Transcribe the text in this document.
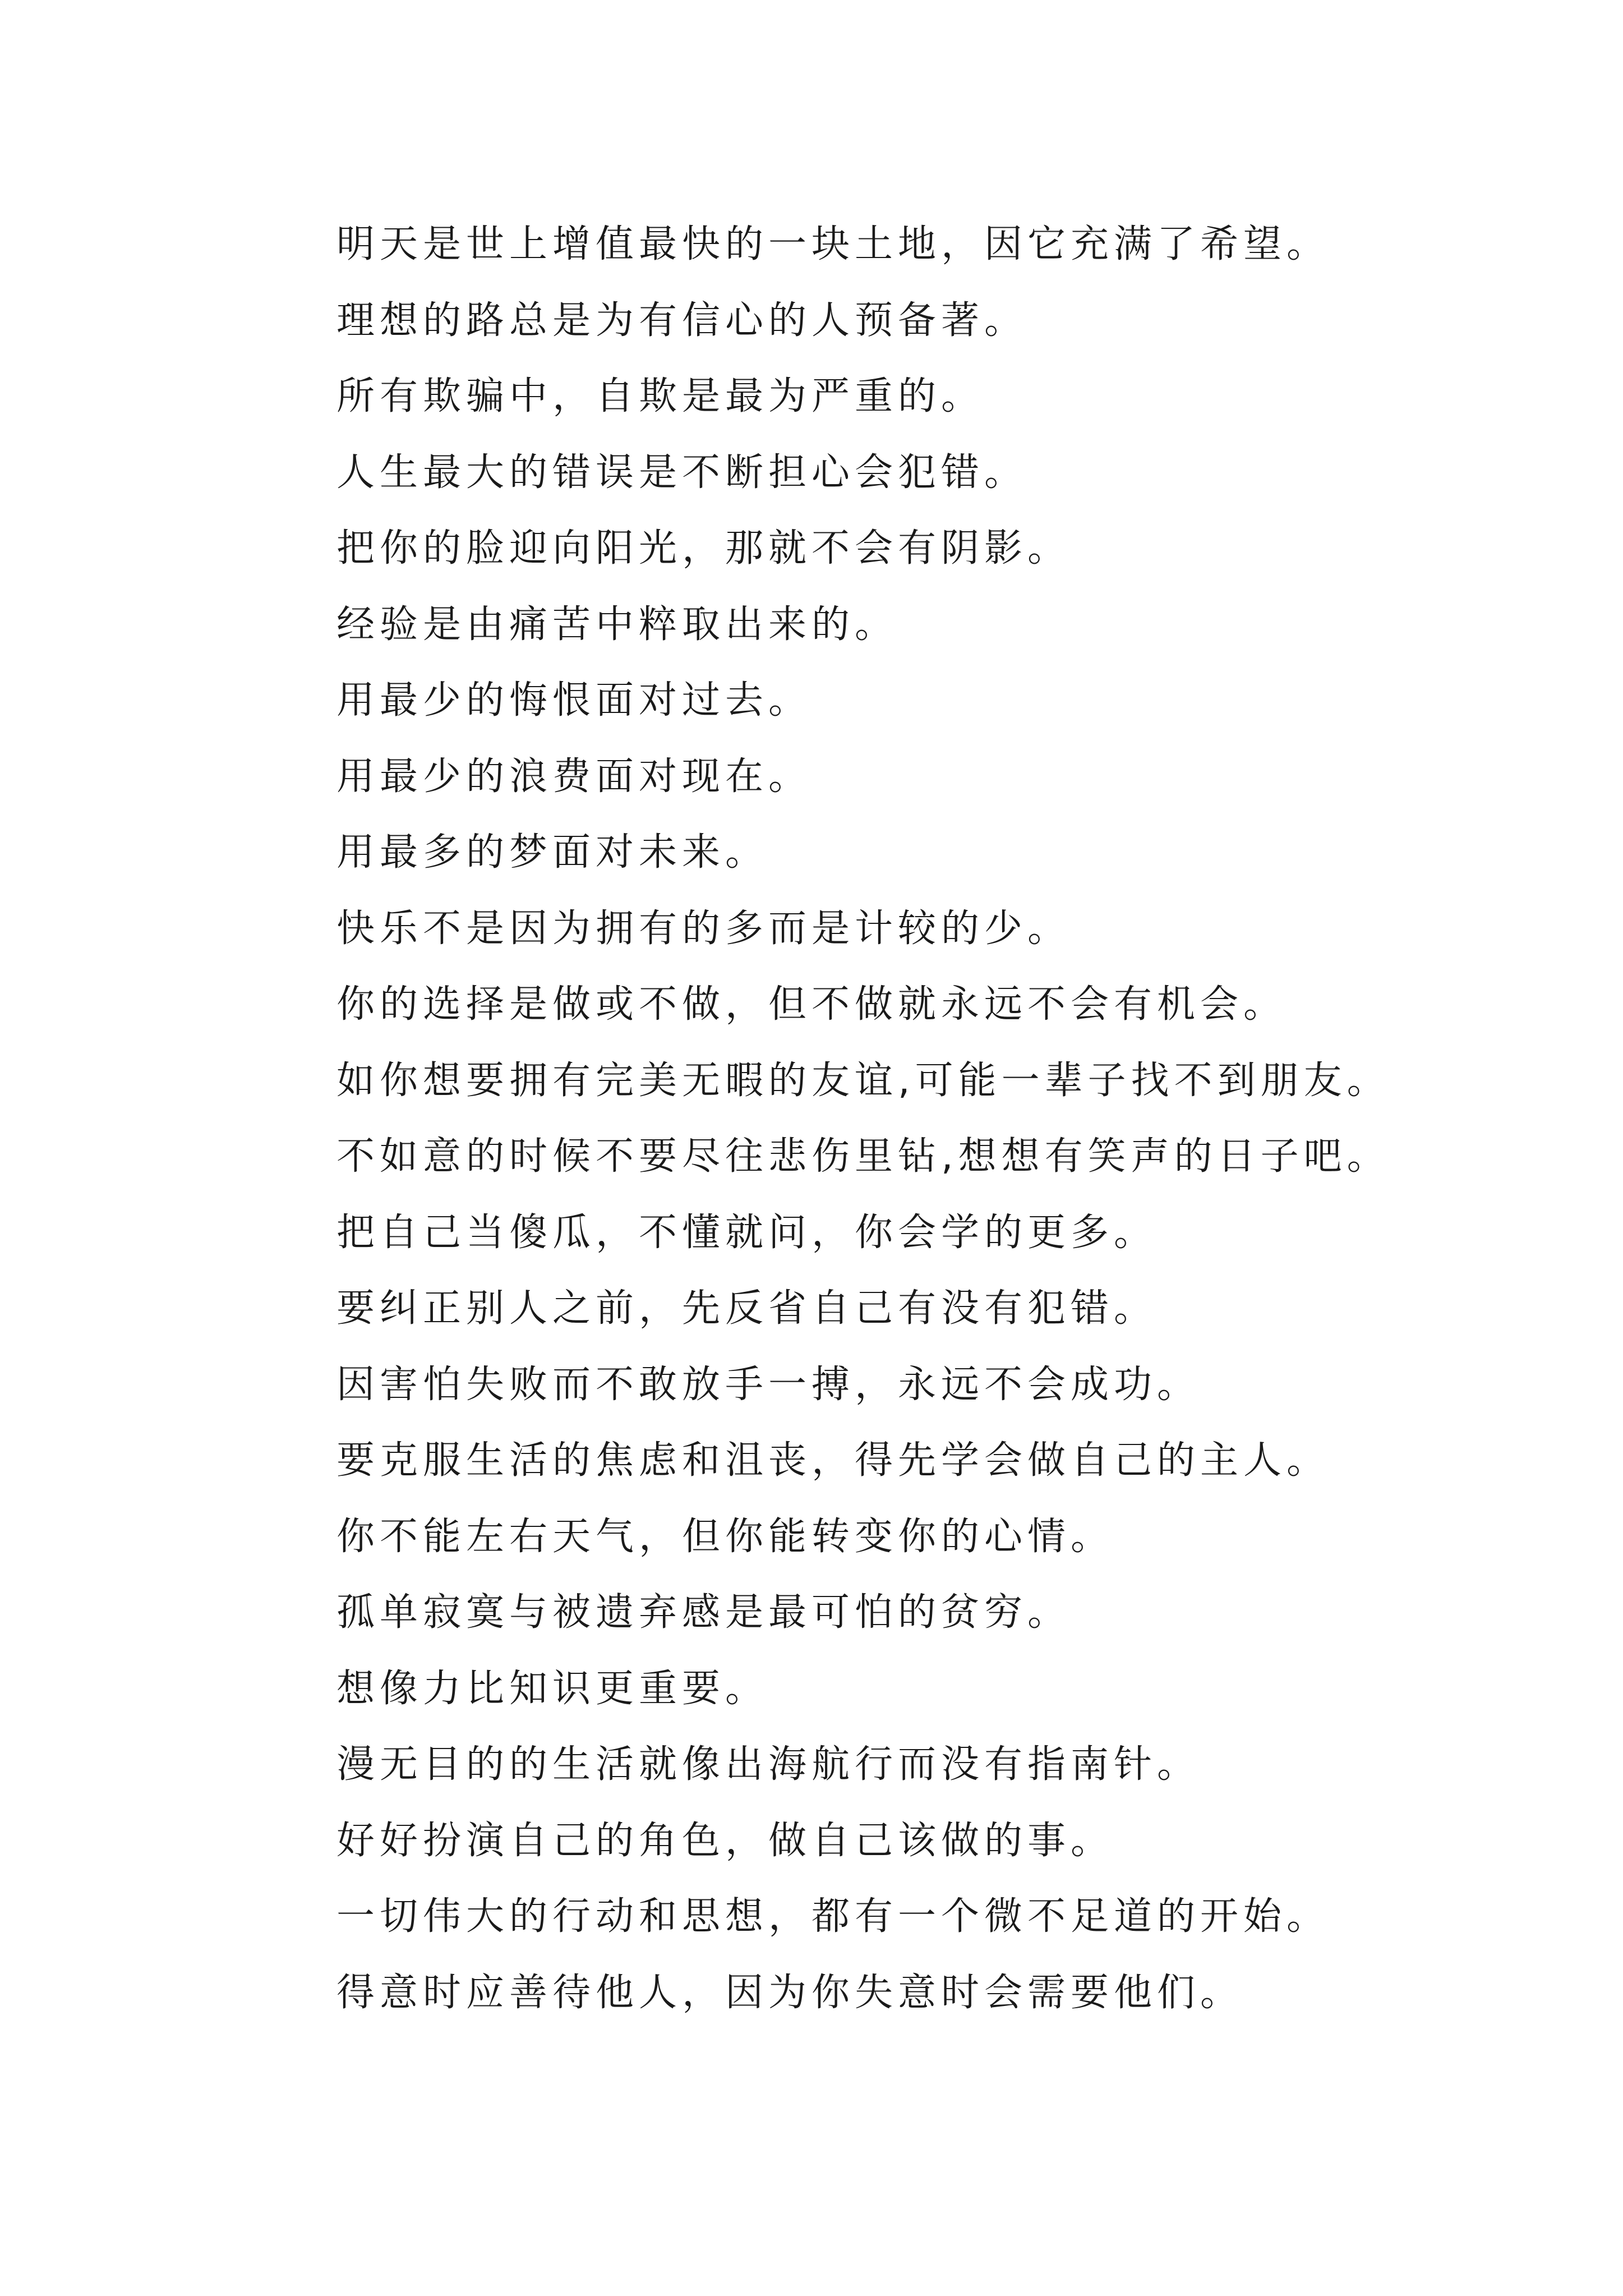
明天是世上增值最快的一块土地，因它充满了希望。
理想的路总是为有信心的人预备著。
所有欺骗中，自欺是最为严重的。
人生最大的错误是不断担心会犯错。
把你的脸迎向阳光，那就不会有阴影。
经验是由痛苦中粹取出来的。
用最少的悔恨面对过去。
用最少的浪费面对现在。
用最多的梦面对未来。
快乐不是因为拥有的多而是计较的少。
你的选择是做或不做，但不做就永远不会有机会。
如你想要拥有完美无暇的友谊,可能一辈子找不到朋友。
不如意的时候不要尽往悲伤里钻,想想有笑声的日子吧。
把自己当傻瓜，不懂就问，你会学的更多。
要纠正别人之前，先反省自己有没有犯错。
因害怕失败而不敢放手一搏，永远不会成功。
要克服生活的焦虑和沮丧，得先学会做自己的主人。
你不能左右天气，但你能转变你的心情。
孤单寂寞与被遗弃感是最可怕的贫穷。
想像力比知识更重要。
漫无目的的生活就像出海航行而没有指南针。
好好扮演自己的角色，做自己该做的事。
一切伟大的行动和思想，都有一个微不足道的开始。
得意时应善待他人，因为你失意时会需要他们。
